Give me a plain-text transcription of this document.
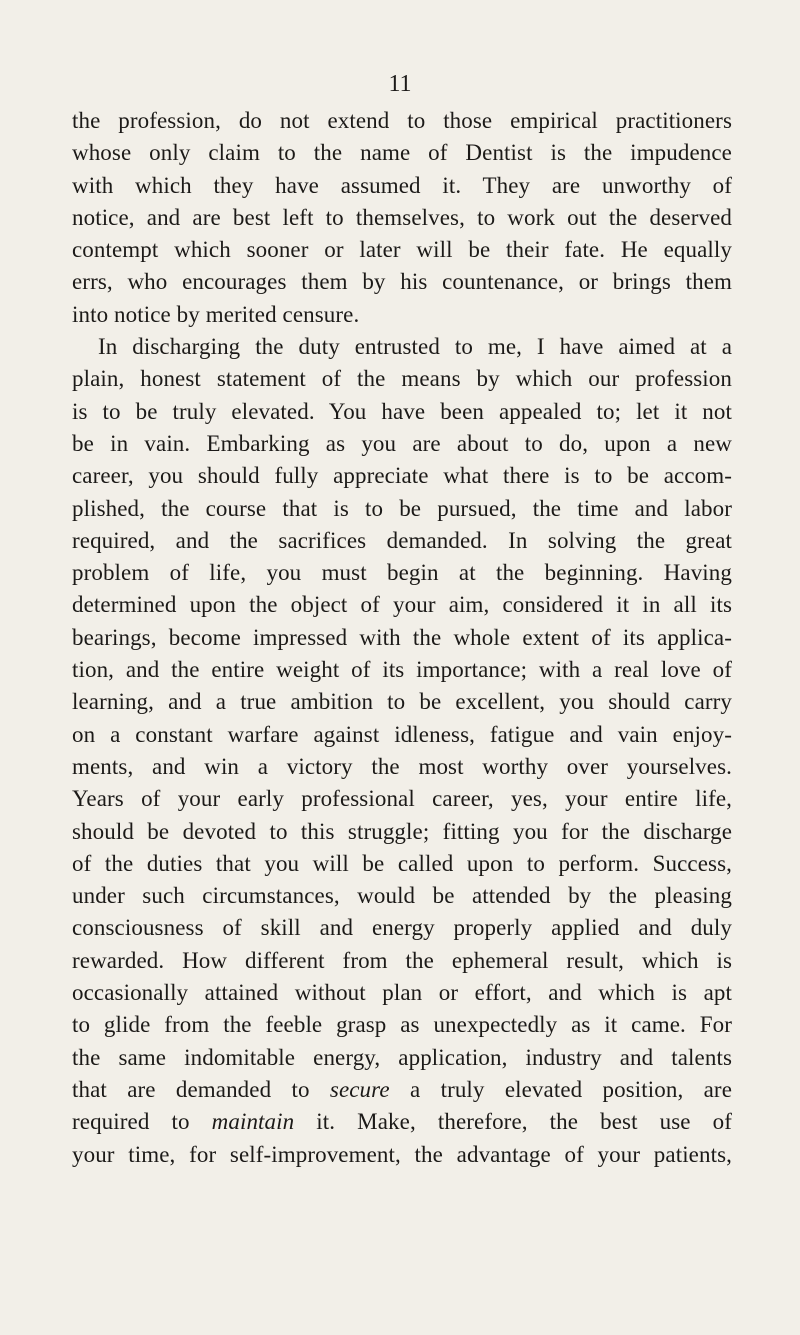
11
the profession, do not extend to those empirical practitioners
whose only claim to the name of Dentist is the impudence
with which they have assumed it. They are unworthy of
notice, and are best left to themselves, to work out the deserved
contempt which sooner or later will be their fate. He equally
errs, who encourages them by his countenance, or brings them
into notice by merited censure.
In discharging the duty entrusted to me, I have aimed at a
plain, honest statement of the means by which our profession
is to be truly elevated. You have been appealed to; let it not
be in vain. Embarking as you are about to do, upon a new
career, you should fully appreciate what there is to be accom-
plished, the course that is to be pursued, the time and labor
required, and the sacrifices demanded. In solving the great
problem of life, you must begin at the beginning. Having
determined upon the object of your aim, considered it in all its
bearings, become impressed with the whole extent of its applica-
tion, and the entire weight of its importance; with a real love of
learning, and a true ambition to be excellent, you should carry
on a constant warfare against idleness, fatigue and vain enjoy-
ments, and win a victory the most worthy over yourselves.
Years of your early professional career, yes, your entire life,
should be devoted to this struggle; fitting you for the discharge
of the duties that you will be called upon to perform. Success,
under such circumstances, would be attended by the pleasing
consciousness of skill and energy properly applied and duly
rewarded. How different from the ephemeral result, which is
occasionally attained without plan or effort, and which is apt
to glide from the feeble grasp as unexpectedly as it came. For
the same indomitable energy, application, industry and talents
that are demanded to secure a truly elevated position, are
required to maintain it. Make, therefore, the best use of
your time, for self-improvement, the advantage of your patients,
